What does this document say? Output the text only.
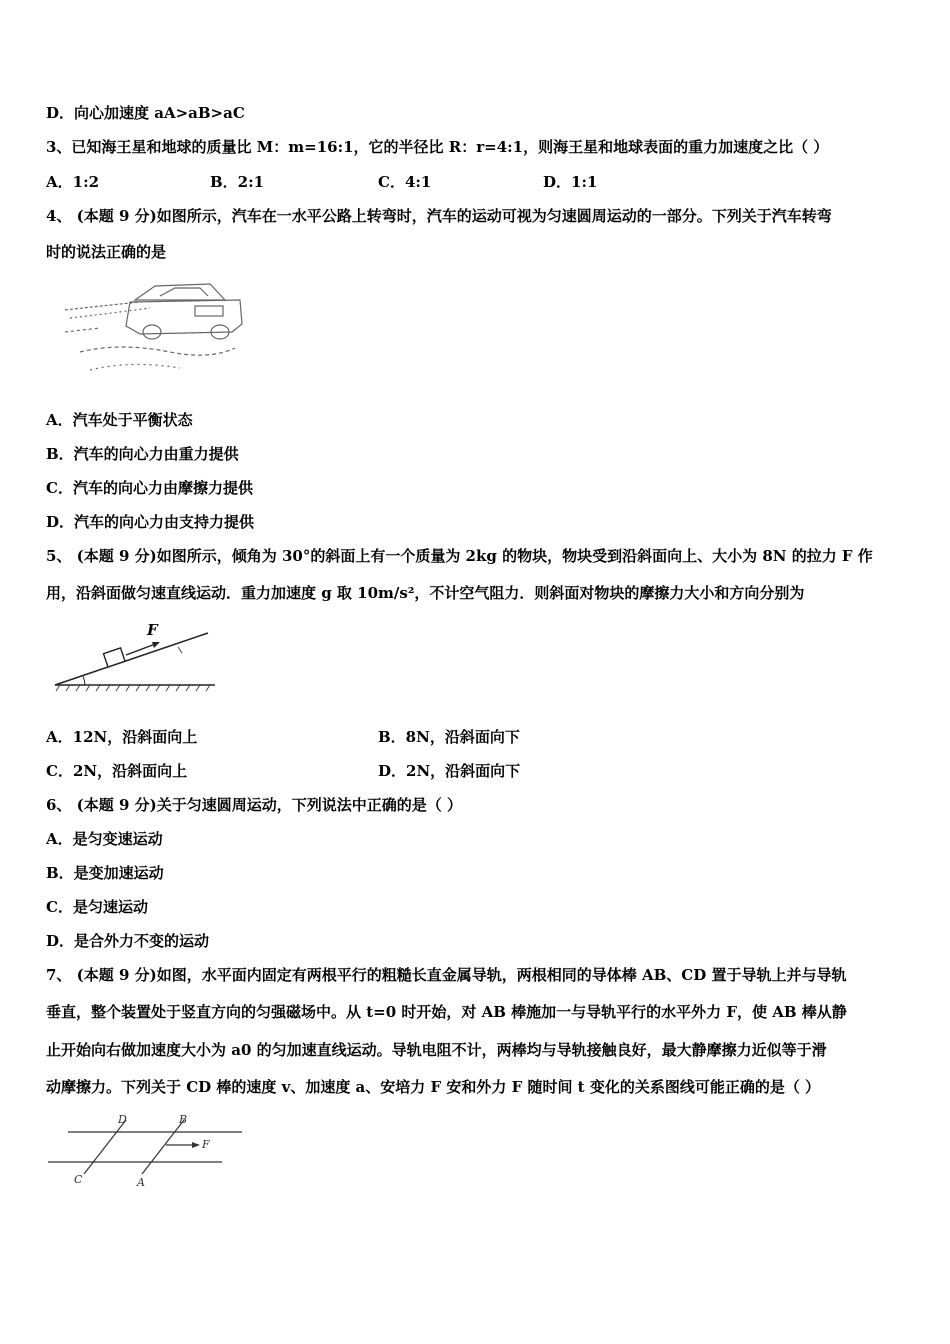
D．向心加速度 aA>aB>aC
3、已知海王星和地球的质量比 M：m=16:1，它的半径比 R：r=4:1，则海王星和地球表面的重力加速度之比（ ）
A．1:2	B．2:1	C．4:1	D．1:1
4、 (本题 9 分)如图所示，汽车在一水平公路上转弯时，汽车的运动可视为匀速圆周运动的一部分。下列关于汽车转弯
时的说法正确的是
A．汽车处于平衡状态
B．汽车的向心力由重力提供
C．汽车的向心力由摩擦力提供
D．汽车的向心力由支持力提供
5、 (本题 9 分)如图所示，倾角为 30°的斜面上有一个质量为 2kg 的物块，物块受到沿斜面向上、大小为 8N 的拉力 F 作
用，沿斜面做匀速直线运动．重力加速度 g 取 10m/s²，不计空气阻力．则斜面对物块的摩擦力大小和方向分别为
F
A．12N，沿斜面向上	B．8N，沿斜面向下
C．2N，沿斜面向上	D．2N，沿斜面向下
6、 (本题 9 分)关于匀速圆周运动，下列说法中正确的是（ ）
A．是匀变速运动
B．是变加速运动
C．是匀速运动
D．是合外力不变的运动
7、 (本题 9 分)如图，水平面内固定有两根平行的粗糙长直金属导轨，两根相同的导体棒 AB、CD 置于导轨上并与导轨
垂直，整个装置处于竖直方向的匀强磁场中。从 t=0 时开始，对 AB 棒施加一与导轨平行的水平外力 F，使 AB 棒从静
止开始向右做加速度大小为 a0 的匀加速直线运动。导轨电阻不计，两棒均与导轨接触良好，最大静摩擦力近似等于滑
动摩擦力。下列关于 CD 棒的速度 v、加速度 a、安培力 F 安和外力 F 随时间 t 变化的关系图线可能正确的是（ ）
D	B
F
C	A
